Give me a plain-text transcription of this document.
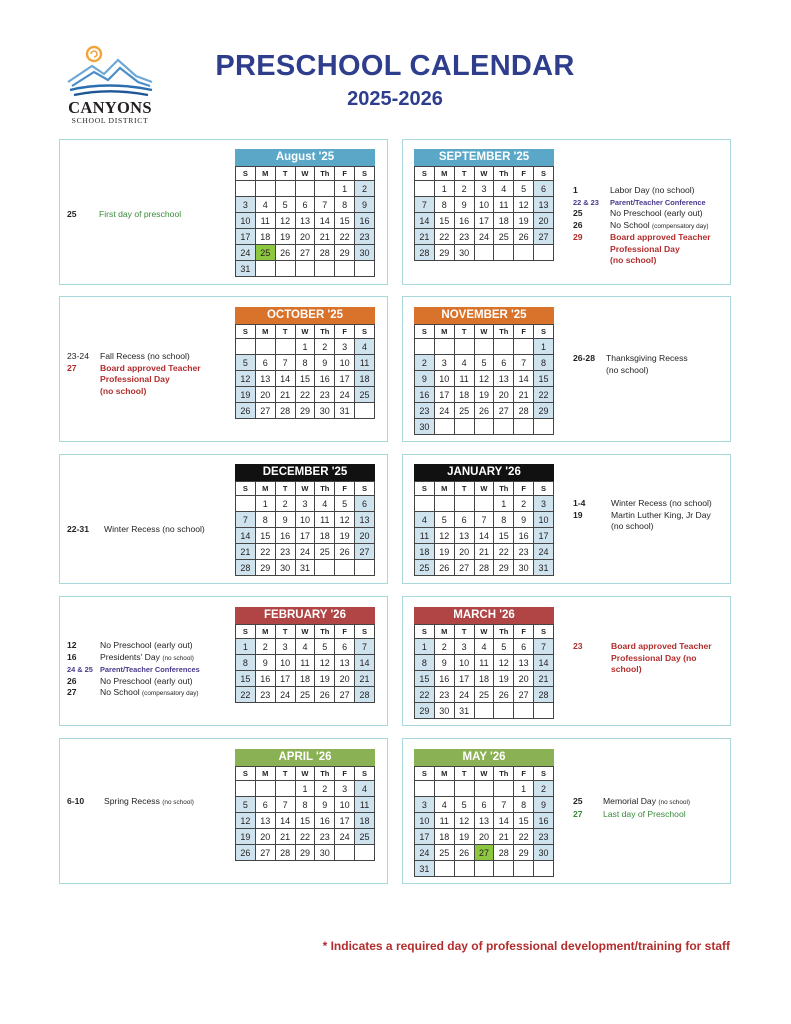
CANYONS
SCHOOL DISTRICT
PRESCHOOL CALENDAR
2025-2026
August '25
S	M	T	W	Th	F	S
					1	2
3	4	5	6	7	8	9
10	11	12	13	14	15	16
17	18	19	20	21	22	23
24	25	26	27	28	29	30
31						
SEPTEMBER '25
S	M	T	W	Th	F	S
	1	2	3	4	5	6
7	8	9	10	11	12	13
14	15	16	17	18	19	20
21	22	23	24	25	26	27
28	29	30				
OCTOBER '25
S	M	T	W	Th	F	S
			1	2	3	4
5	6	7	8	9	10	11
12	13	14	15	16	17	18
19	20	21	22	23	24	25
26	27	28	29	30	31	
NOVEMBER '25
S	M	T	W	Th	F	S
						1
2	3	4	5	6	7	8
9	10	11	12	13	14	15
16	17	18	19	20	21	22
23	24	25	26	27	28	29
30						
DECEMBER '25
S	M	T	W	Th	F	S
	1	2	3	4	5	6
7	8	9	10	11	12	13
14	15	16	17	18	19	20
21	22	23	24	25	26	27
28	29	30	31			
JANUARY '26
S	M	T	W	Th	F	S
				1	2	3
4	5	6	7	8	9	10
11	12	13	14	15	16	17
18	19	20	21	22	23	24
25	26	27	28	29	30	31
FEBRUARY '26
S	M	T	W	Th	F	S
1	2	3	4	5	6	7
8	9	10	11	12	13	14
15	16	17	18	19	20	21
22	23	24	25	26	27	28
MARCH '26
S	M	T	W	Th	F	S
1	2	3	4	5	6	7
8	9	10	11	12	13	14
15	16	17	18	19	20	21
22	23	24	25	26	27	28
29	30	31				
APRIL '26
S	M	T	W	Th	F	S
			1	2	3	4
5	6	7	8	9	10	11
12	13	14	15	16	17	18
19	20	21	22	23	24	25
26	27	28	29	30		
MAY '26
S	M	T	W	Th	F	S
					1	2
3	4	5	6	7	8	9
10	11	12	13	14	15	16
17	18	19	20	21	22	23
24	25	26	27	28	29	30
31						
25	First day of preschool
1	Labor Day (no school)
22 & 23 Parent/Teacher Conference
25	No Preschool (early out)
26	No School (compensatory day)
29	Board approved Teacher
Professional Day
(no school)
23-24 Fall Recess (no school)
27	Board approved Teacher
Professional Day
(no school)
26-28 Thanksgiving Recess
(no school)
22-31 Winter Recess (no school)
1-4	Winter Recess (no school)
19	Martin Luther King, Jr Day
(no school)
12	No Preschool (early out)
16	Presidents' Day (no school)
24 & 25 Parent/Teacher Conferences
26	No Preschool (early out)
27	No School (compensatory day)
23	Board approved Teacher
Professional Day (no
school)
6-10 Spring Recess (no school)	25 Memorial Day (no school)
27 Last day of Preschool
* Indicates a required day of professional development/training for staff
